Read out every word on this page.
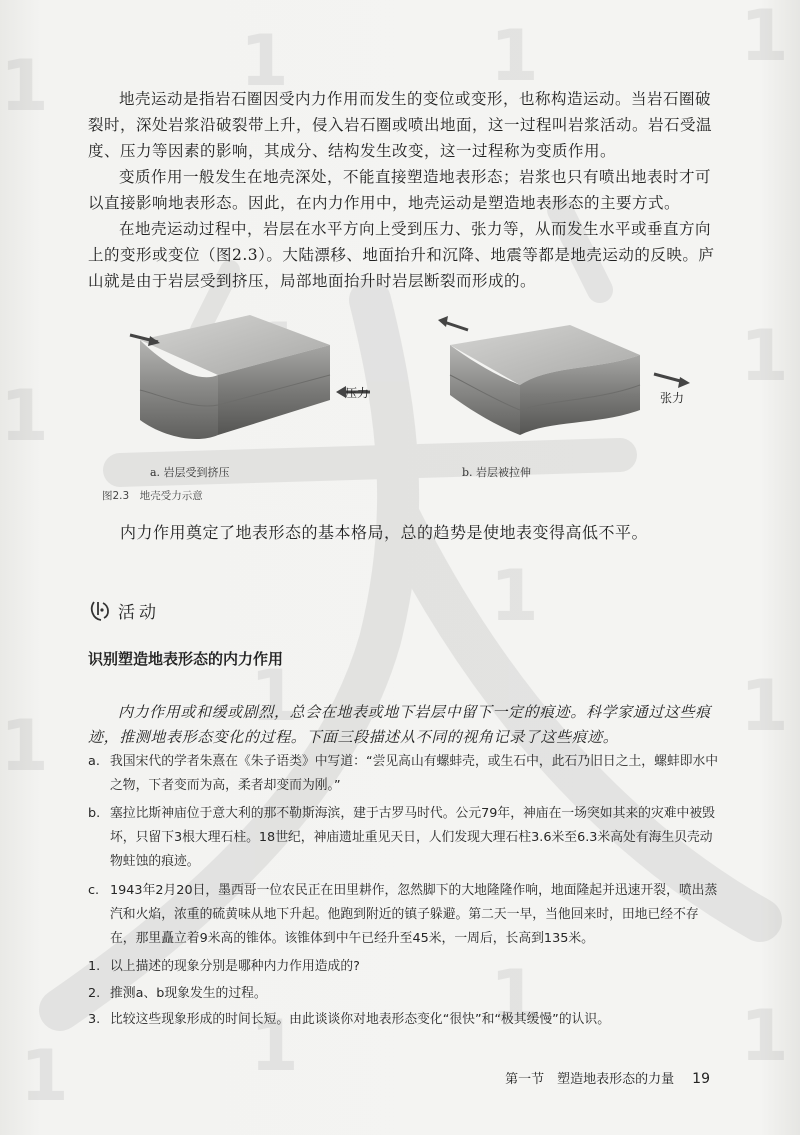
1	1	1	1
1
1
1
1
1
1
1	1
1	1

地壳运动是指岩石圈因受内力作用而发生的变位或变形，也称构造运动。当岩石圈破裂时，深处岩浆沿破裂带上升，侵入岩石圈或喷出地面，这一过程叫岩浆活动。岩石受温度、压力等因素的影响，其成分、结构发生改变，这一过程称为变质作用。

变质作用一般发生在地壳深处，不能直接塑造地表形态；岩浆也只有喷出地表时才可以直接影响地表形态。因此，在内力作用中，地壳运动是塑造地表形态的主要方式。

在地壳运动过程中，岩层在水平方向上受到压力、张力等，从而发生水平或垂直方向上的变形或变位（图2.3）。大陆漂移、地面抬升和沉降、地震等都是地壳运动的反映。庐山就是由于岩层受到挤压，局部地面抬升时岩层断裂而形成的。

压力	张力
a. 岩层受到挤压	b. 岩层被拉伸
图2.3　地壳受力示意

内力作用奠定了地表形态的基本格局，总的趋势是使地表变得高低不平。

活动
识别塑造地表形态的内力作用

内力作用或和缓或剧烈，总会在地表或地下岩层中留下一定的痕迹。科学家通过这些痕迹，推测地表形态变化的过程。下面三段描述从不同的视角记录了这些痕迹。

a. 我国宋代的学者朱熹在《朱子语类》中写道：“尝见高山有螺蚌壳，或生石中，此石乃旧日之土，螺蚌即水中之物，下者变而为高，柔者却变而为刚。”
b. 塞拉比斯神庙位于意大利的那不勒斯海滨，建于古罗马时代。公元79年，神庙在一场突如其来的灾难中被毁坏，只留下3根大理石柱。18世纪，神庙遗址重见天日，人们发现大理石柱3.6米至6.3米高处有海生贝壳动物蛀蚀的痕迹。
c. 1943年2月20日，墨西哥一位农民正在田里耕作，忽然脚下的大地隆隆作响，地面隆起并迅速开裂，喷出蒸汽和火焰，浓重的硫黄味从地下升起。他跑到附近的镇子躲避。第二天一早，当他回来时，田地已经不存在，那里矗立着9米高的锥体。该锥体到中午已经升至45米，一周后，长高到135米。
1. 以上描述的现象分别是哪种内力作用造成的?
2. 推测a、b现象发生的过程。
3. 比较这些现象形成的时间长短。由此谈谈你对地表形态变化“很快”和“极其缓慢”的认识。
第一节　塑造地表形态的力量 19
